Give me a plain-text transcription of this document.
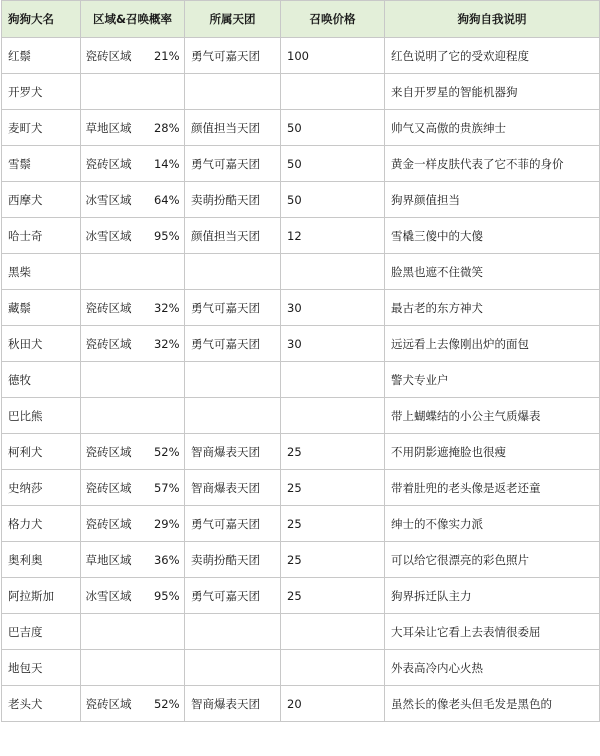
狗狗大名	区域&召唤概率	所属天团	召唤价格	狗狗自我说明
红鬃	瓷砖区域 21%	勇气可嘉天团	100	红色说明了它的受欢迎程度
开罗犬				来自开罗星的智能机器狗
麦町犬	草地区域 28%	颜值担当天团	50	帅气又高傲的贵族绅士
雪鬃	瓷砖区域 14%	勇气可嘉天团	50	黄金一样皮肤代表了它不菲的身价
西摩犬	冰雪区域 64%	卖萌扮酷天团	50	狗界颜值担当
哈士奇	冰雪区域 95%	颜值担当天团	12	雪橇三傻中的大傻
黑柴				脸黑也遮不住微笑
藏鬃	瓷砖区域 32%	勇气可嘉天团	30	最古老的东方神犬
秋田犬	瓷砖区域 32%	勇气可嘉天团	30	远远看上去像刚出炉的面包
德牧				警犬专业户
巴比熊				带上蝴蝶结的小公主气质爆表
柯利犬	瓷砖区域 52%	智商爆表天团	25	不用阴影遮掩脸也很瘦
史纳莎	瓷砖区域 57%	智商爆表天团	25	带着肚兜的老头像是返老还童
格力犬	瓷砖区域 29%	勇气可嘉天团	25	绅士的不像实力派
奥利奥	草地区域 36%	卖萌扮酷天团	25	可以给它很漂亮的彩色照片
阿拉斯加	冰雪区域 95%	勇气可嘉天团	25	狗界拆迁队主力
巴吉度				大耳朵让它看上去表情很委屈
地包天				外表高冷内心火热
老头犬	瓷砖区域 52%	智商爆表天团	20	虽然长的像老头但毛发是黑色的
